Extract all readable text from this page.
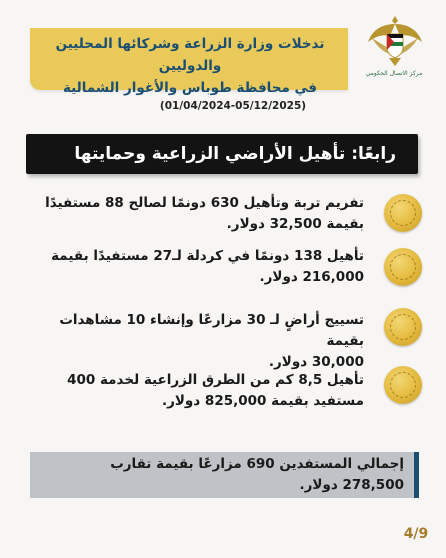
تدخلات وزارة الزراعة وشركائها المحليين والدوليين
في محافظة طوباس والأغوار الشمالية
مركز الاتصال الحكومي
(01/04/2024-05/12/2025)
رابعًا: تأهيل الأراضي الزراعية وحمايتها
تفريم تربة وتأهيل 630 دونمًا لصالح 88 مستفيدًا
بقيمة 32,500 دولار.
تأهيل 138 دونمًا في كردلة لـ27 مستفيدًا بقيمة
216,000 دولار.
تسييج أراضٍ لـ 30 مزارعًا وإنشاء 10 مشاهدات بقيمة
30,000 دولار.
تأهيل 8,5 كم من الطرق الزراعية لخدمة 400
مستفيد بقيمة 825,000 دولار.
إجمالي المستفدين 690 مزارعًا بقيمة تقارب
278,500 دولار.
4/9
